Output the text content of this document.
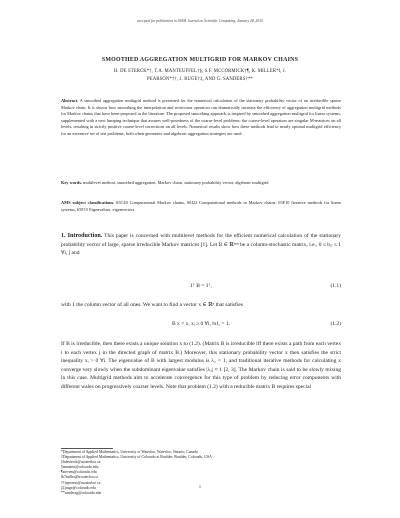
accepted for publication in SIAM Journal on Scientific Computing, January 28, 2010

SMOOTHED AGGREGATION MULTIGRID FOR MARKOV CHAINS

H. DE STERCK*†, T.A. MANTEUFFEL†§, S.F. MCCORMICK†¶, K. MILLER*‖, J.
PEARSON*††, J. RUGE†‡, AND G. SANDERS†**

Abstract. A smoothed aggregation multigrid method is presented for the numerical calculation of the stationary probability vector of an irreducible sparse Markov chain. It is shown how smoothing the interpolation and restriction operators can dramatically increase the efficiency of aggregation multigrid methods for Markov chains that have been proposed in the literature. The proposed smoothing approach is inspired by smoothed aggregation multigrid for linear systems, supplemented with a new lumping technique that assures well-posedness of the coarse-level problems: the coarse-level operators are singular M-matrices on all levels, resulting in strictly positive coarse-level corrections on all levels. Numerical results show how these methods lead to nearly optimal multigrid efficiency for an extensive set of test problems, both when geometric and algebraic aggregation strategies are used.

Key words. multilevel method, smoothed aggregation, Markov chain, stationary probability vector, algebraic multigrid

AMS subject classifications. 65C40 Computational Markov chains, 60J22 Computational methods in Markov chains, 65F10 Iterative methods for linear systems, 65F15 Eigenvalues, eigenvectors

1. Introduction. This paper is concerned with multilevel methods for the efficient numerical calculation of the stationary probability vector of large, sparse irreducible Markov matrices [1]. Let B ∈ ℝⁿˣⁿ be a column-stochastic matrix, i.e., 0 ≤ bᵢⱼ ≤ 1 ∀i, j and

1ᵀ B = 1ᵀ,	(1.1)

with 1 the column vector of all ones. We want to find a vector x ∈ ℝⁿ that satisfies

B x = x, xᵢ ≥ 0 ∀i, ‖x‖₁ = 1.	(1.2)

If B is irreducible, then there exists a unique solution x to (1.2). (Matrix B is irreducible iff there exists a path from each vertex i to each vertex j in the directed graph of matrix B.) Moreover, this stationary probability vector x then satisfies the strict inequality xᵢ > 0 ∀i. The eigenvalue of B with largest modulus is λ₁ = 1, and traditional iterative methods for calculating x converge very slowly when the subdominant eigenvalue satisfies |λ₂| ≈ 1 [2, 3]. The Markov chain is said to be slowly mixing in this case. Multigrid methods aim to accelerate convergence for this type of problem by reducing error components with different wales on progressively coarser levels. Note that problem (1.2) with a reducible matrix B requires special

*Department of Applied Mathematics, University of Waterloo, Waterloo, Ontario, Canada
†Department of Applied Mathematics, University of Colorado at Boulder, Boulder, Colorado, USA
‡hdesterck@uwaterloo.ca
§tmanteu@colorado.edu
¶stevem@colorado.edu
‖k7miller@uwaterloo.ca
††jepearso@uwaterloo.ca
‡‡jruge@colorado.edu
**sandersg@colorado.edu

1
